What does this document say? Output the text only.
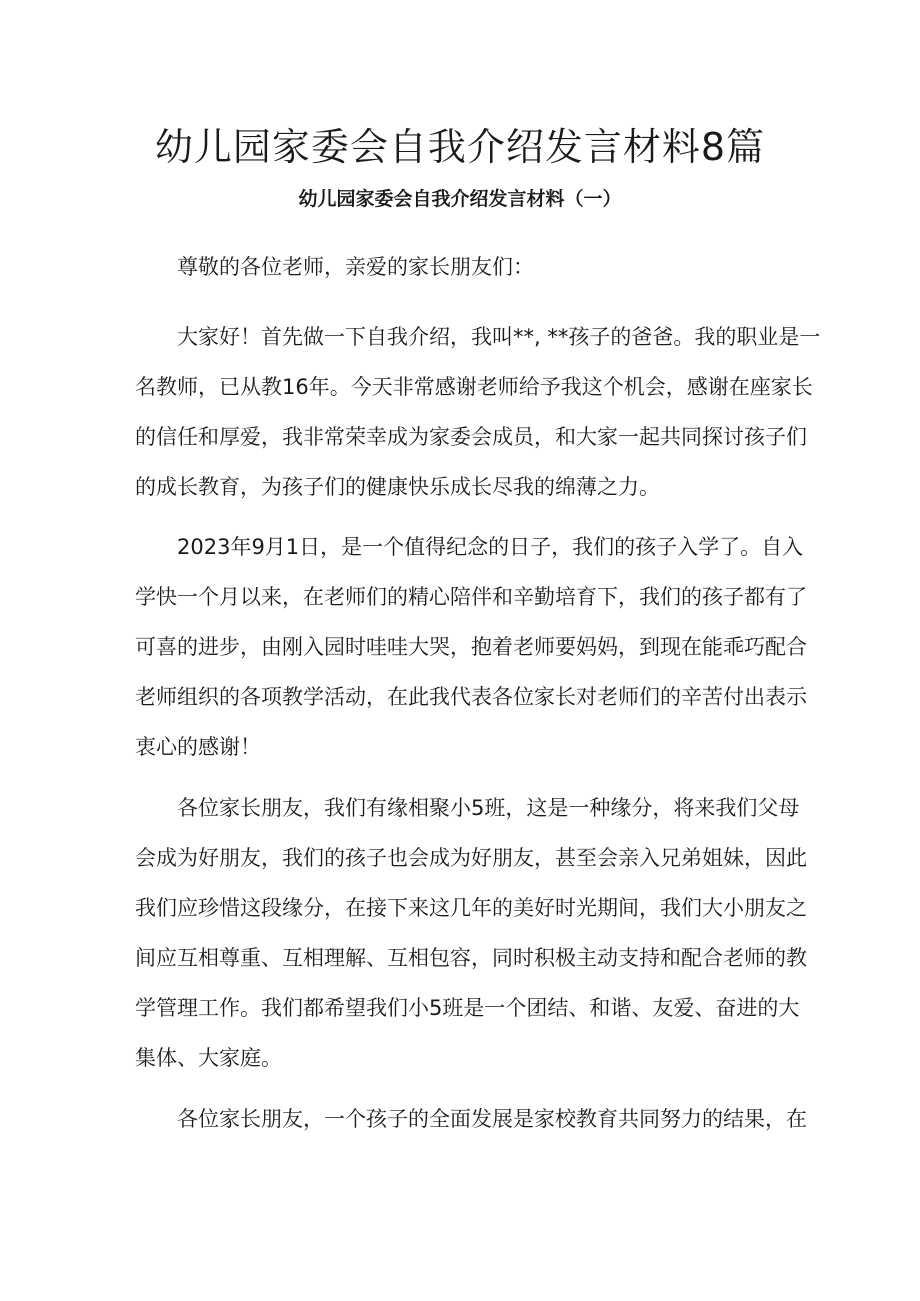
幼儿园家委会自我介绍发言材料8篇
幼儿园家委会自我介绍发言材料（一）

尊敬的各位老师，亲爱的家长朋友们：

大家好！首先做一下自我介绍，我叫**, **孩子的爸爸。我的职业是一
名教师，已从教16年。今天非常感谢老师给予我这个机会，感谢在座家长
的信任和厚爱，我非常荣幸成为家委会成员，和大家一起共同探讨孩子们
的成长教育，为孩子们的健康快乐成长尽我的绵薄之力。

2023年9月1日，是一个值得纪念的日子，我们的孩子入学了。自入
学快一个月以来，在老师们的精心陪伴和辛勤培育下，我们的孩子都有了
可喜的进步，由刚入园时哇哇大哭，抱着老师要妈妈，到现在能乖巧配合
老师组织的各项教学活动，在此我代表各位家长对老师们的辛苦付出表示
衷心的感谢！

各位家长朋友，我们有缘相聚小5班，这是一种缘分，将来我们父母
会成为好朋友，我们的孩子也会成为好朋友，甚至会亲入兄弟姐妹，因此
我们应珍惜这段缘分，在接下来这几年的美好时光期间，我们大小朋友之
间应互相尊重、互相理解、互相包容，同时积极主动支持和配合老师的教
学管理工作。我们都希望我们小5班是一个团结、和谐、友爱、奋进的大
集体、大家庭。

各位家长朋友，一个孩子的全面发展是家校教育共同努力的结果，在
